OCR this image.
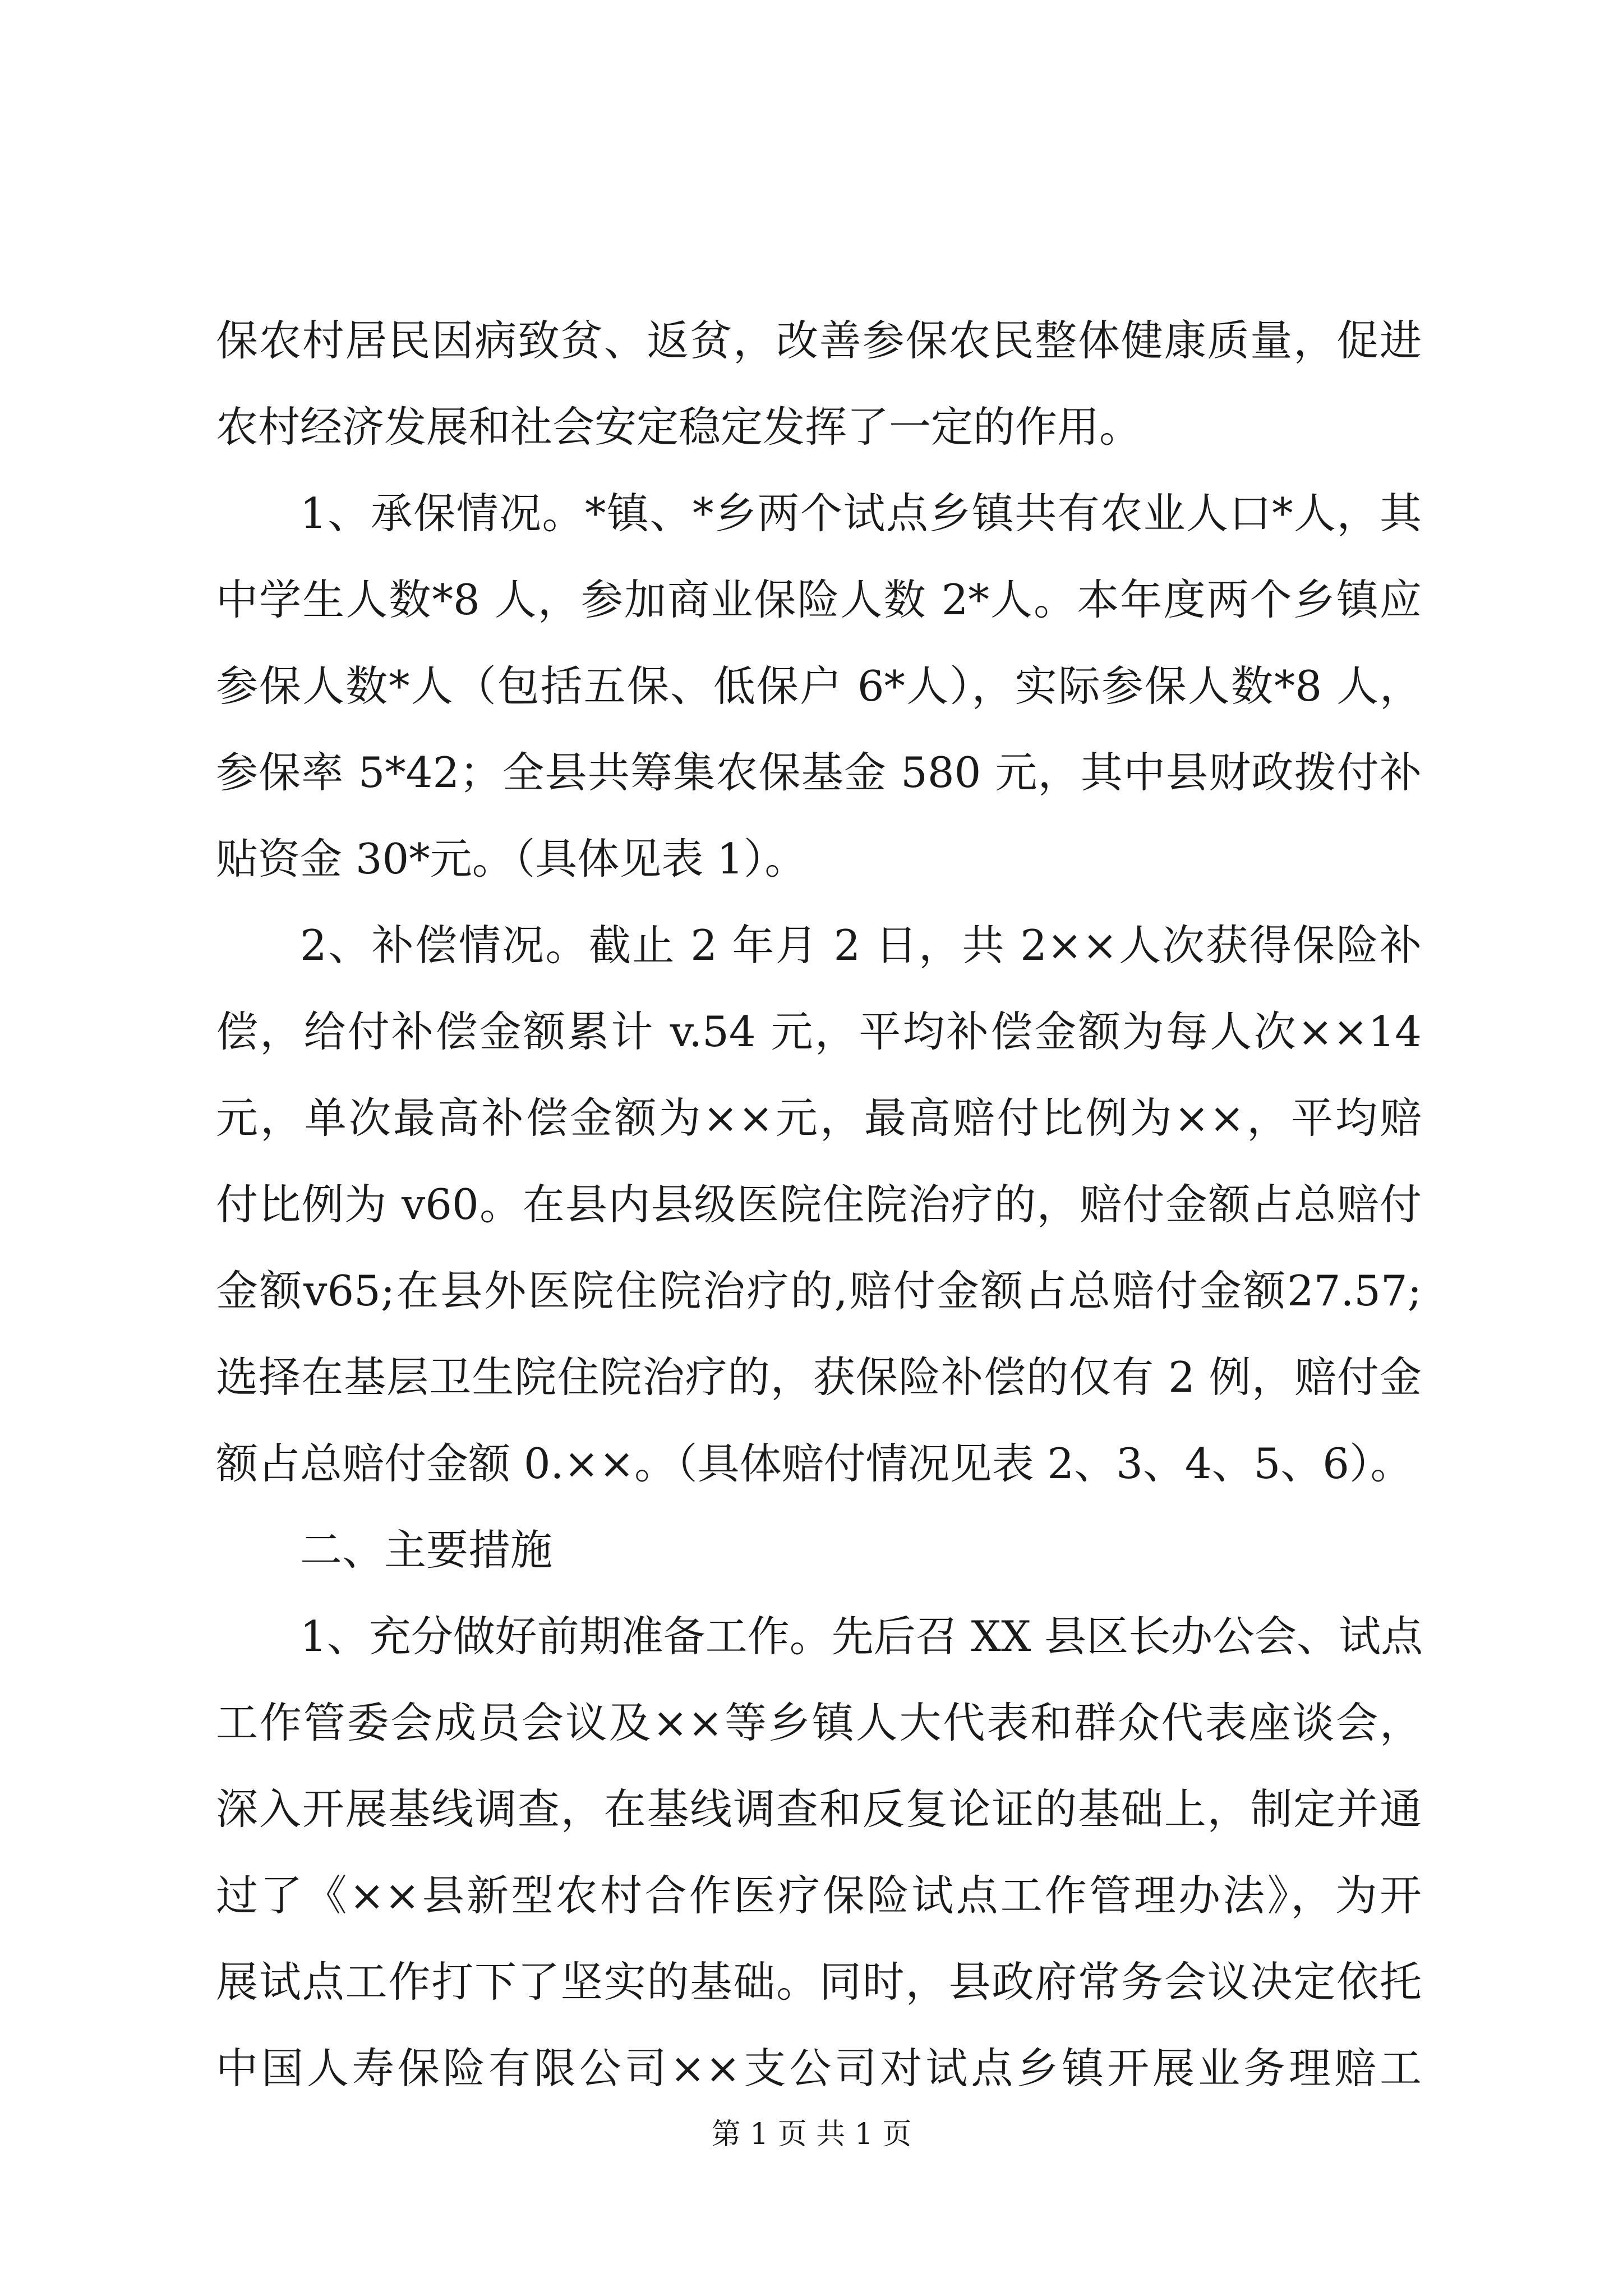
保农村居民因病致贫、返贫，改善参保农民整体健康质量，促进
农村经济发展和社会安定稳定发挥了一定的作用。
1、承保情况。*镇、*乡两个试点乡镇共有农业人口*人，其
中学生人数*8 人，参加商业保险人数 2*人。本年度两个乡镇应
参保人数*人（包括五保、低保户 6*人），实际参保人数*8 人，
参保率 5*42；全县共筹集农保基金 580 元，其中县财政拨付补
贴资金 30*元。（具体见表 1）。
2、补偿情况。截止 2 年月 2 日，共 2××人次获得保险补
偿，给付补偿金额累计 v.54 元，平均补偿金额为每人次××14
元，单次最高补偿金额为××元，最高赔付比例为××，平均赔
付比例为 v60。在县内县级医院住院治疗的，赔付金额占总赔付
金额v65;在县外医院住院治疗的,赔付金额占总赔付金额27.57;
选择在基层卫生院住院治疗的，获保险补偿的仅有 2 例，赔付金
额占总赔付金额 0.××。（具体赔付情况见表 2、3、4、5、6）。
二、主要措施
1、充分做好前期准备工作。先后召 XX 县区长办公会、试点
工作管委会成员会议及××等乡镇人大代表和群众代表座谈会，
深入开展基线调查，在基线调查和反复论证的基础上，制定并通
过了《××县新型农村合作医疗保险试点工作管理办法》，为开
展试点工作打下了坚实的基础。同时，县政府常务会议决定依托
中国人寿保险有限公司××支公司对试点乡镇开展业务理赔工
第 1 页 共 1 页
